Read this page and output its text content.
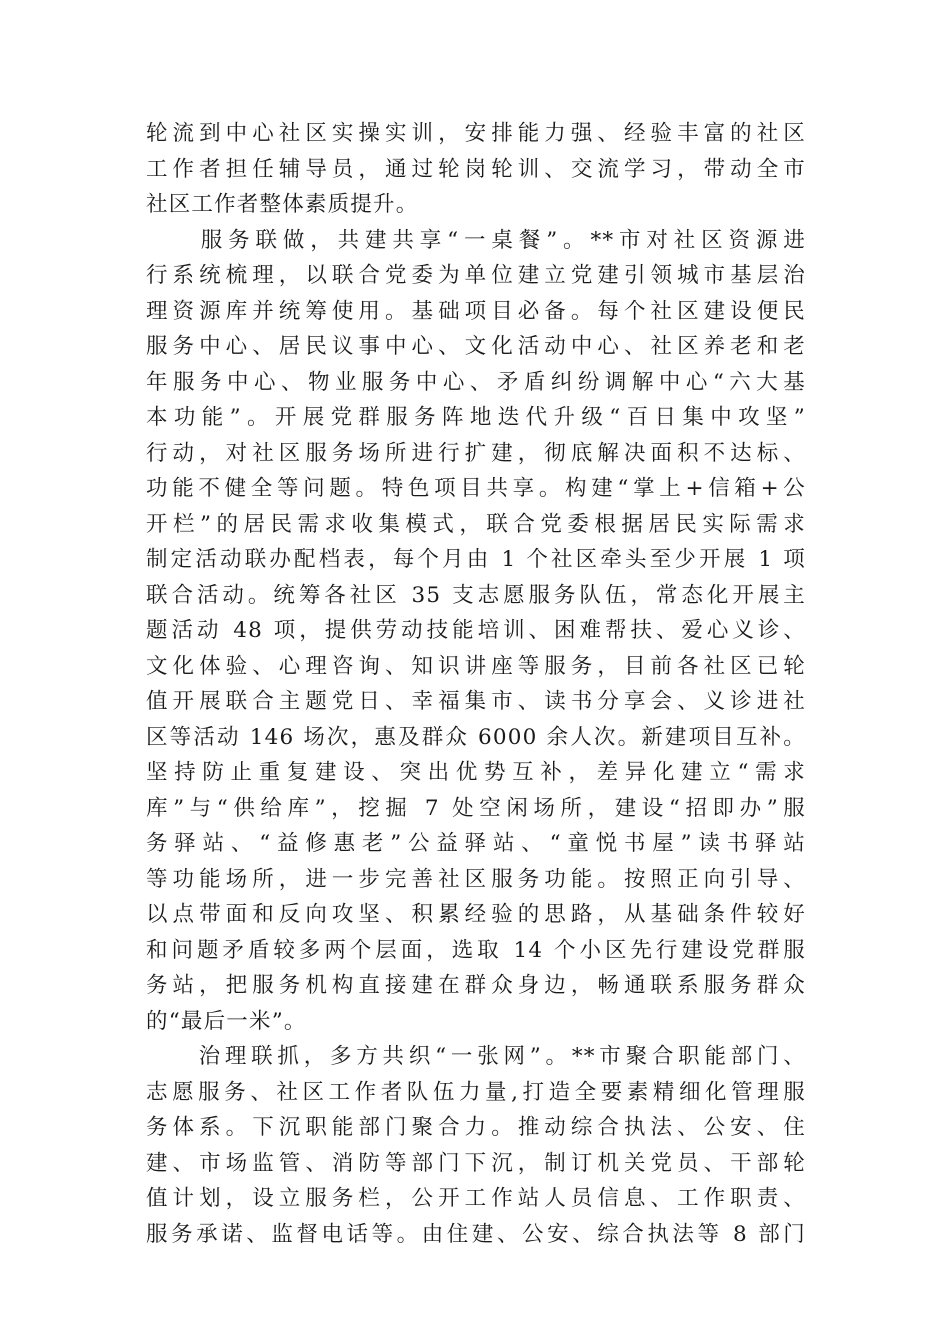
轮流到中心社区实操实训，安排能力强、经验丰富的社区
工作者担任辅导员，通过轮岗轮训、交流学习，带动全市
社区工作者整体素质提升。
　　服务联做，共建共享“一桌餐”。**市对社区资源进
行系统梳理，以联合党委为单位建立党建引领城市基层治
理资源库并统筹使用。基础项目必备。每个社区建设便民
服务中心、居民议事中心、文化活动中心、社区养老和老
年服务中心、物业服务中心、矛盾纠纷调解中心“六大基
本功能”。开展党群服务阵地迭代升级“百日集中攻坚”
行动，对社区服务场所进行扩建，彻底解决面积不达标、
功能不健全等问题。特色项目共享。构建“掌上+信箱+公
开栏”的居民需求收集模式，联合党委根据居民实际需求
制定活动联办配档表，每个月由 1 个社区牵头至少开展 1 项
联合活动。统筹各社区 35 支志愿服务队伍，常态化开展主
题活动 48 项，提供劳动技能培训、困难帮扶、爱心义诊、
文化体验、心理咨询、知识讲座等服务，目前各社区已轮
值开展联合主题党日、幸福集市、读书分享会、义诊进社
区等活动 146 场次，惠及群众 6000 余人次。新建项目互补。
坚持防止重复建设、突出优势互补，差异化建立“需求
库”与“供给库”，挖掘 7 处空闲场所，建设“招即办”服
务驿站、“益修惠老”公益驿站、“童悦书屋”读书驿站
等功能场所，进一步完善社区服务功能。按照正向引导、
以点带面和反向攻坚、积累经验的思路，从基础条件较好
和问题矛盾较多两个层面，选取 14 个小区先行建设党群服
务站，把服务机构直接建在群众身边，畅通联系服务群众
的“最后一米”。
　　治理联抓，多方共织“一张网”。**市聚合职能部门、
志愿服务、社区工作者队伍力量,打造全要素精细化管理服
务体系。下沉职能部门聚合力。推动综合执法、公安、住
建、市场监管、消防等部门下沉，制订机关党员、干部轮
值计划，设立服务栏，公开工作站人员信息、工作职责、
服务承诺、监督电话等。由住建、公安、综合执法等 8 部门
